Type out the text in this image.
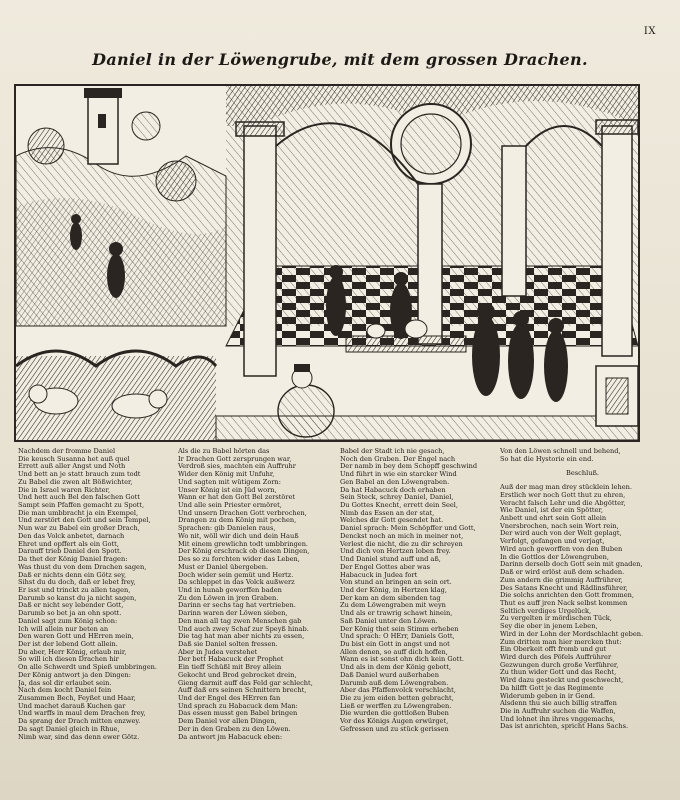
IX
Daniel in der Löwengrube, mit dem grossen Drachen.
Nachdem der fromme Daniel
Die keusch Susanna het auß quel
Errett auß aller Angst und Noth
Und bett an je statt brauch zum todt
Zu Babel die zwen alt Bößwichter,
Die in Israel waren Richter,
Und hett auch Bel den falschen Gott
Sampt sein Pfaffen gemacht zu Spott,
Die man umbbracht ja ein Exempel,
Und zerstört den Gott und sein Tempel,
Nun war zu Babel ein großer Drach,
Den das Volck anbetet, darnach
Ehret und opffert als ein Gott,
Darauff trieb Daniel den Spott.
Da thet der König Daniel fragen:
Was thust du von dem Drachen sagen,
Daß er nichts denn ein Götz sey,
Sihst du du doch, daß er lebet frey,
Er isst und trinckt zu allen tagen,
Darumb so kanst du ja nicht sagen,
Daß er nicht sey lebender Gott,
Darumb so bet ja an ohn spott.
Daniel sagt zum König schon:
Ich will allein nur beten an
Den waren Gott und HErren mein,
Der ist der lebend Gott allein.
Du aber, Herr König, erlaub mir,
So will ich diesen Drachen hir
On alle Schwerdt und Spieß umbbringen.
Der König antwort ja den Dingen:
Ja, das sol dir erlaubet sein.
Nach dem kocht Daniel fein
Zusammen Bech, Feyßet und Haar,
Und machet darauß Kuchen gar
Und warffs in maul dem Drachen frey,
Da sprang der Drach mitten enzwey.
Da sagt Daniel gleich in Rhue,
Nimb war, sind das denn ewer Götz.
Als die zu Babel hörten das
Ir Drachen Gott zersprungen war,
Verdroß sies, machten ein Auffruhr
Wider den König mit Unfuhr,
Und sagten mit wütigem Zorn:
Unser König ist ein Jüd worn,
Wann er hat den Gott Bel zerstöret
Und alle sein Priester ermöret,
Und unsern Drachen Gott verbrochen,
Drangen zu dem König mit pochen,
Sprachen: gib Danielen raus,
Wo nit, wöll wir dich und dein Hauß
Mit einem grewlichn todt umbbringen.
Der König erschrack ob diesen Dingen,
Des so zu forchten wider das Leben,
Must er Daniel übergeben.
Doch wider sein gemüt und Hertz.
Da schleppet in das Volck außwerz
Und in hunab geworffen baden
Zu den Löwen in jren Graben.
Darinn er sechs tag hat vertrieben.
Darinn waren der Löwen sieben,
Den man all tag zwen Menschen gab
Und auch zwey Schaf zur Speyß hinab.
Die tag hat man aber nichts zu essen,
Daß sie Daniel solten fressen.
Aber in Judea verstehet
Der bett Habacuck der Prophet
Ein tieff Schüßl mit Brey allein
Gekocht und Brod gebrocket drein,
Gieng darmit auff das Feld gar schlecht,
Auff daß ers seinen Schnittern brecht,
Und der Engel des HErren fan
Und sprach zu Habacuck dem Man:
Das essen musst gen Babel bringen
Dem Daniel vor allen Dingen,
Der in den Graben zu den Löwen.
Da antwort jm Habacuck eben:
Babel der Stadt ich nie gesach,
Noch den Graben. Der Engel nach
Der namb in bey dem Schopff geschwind
Und führt in wie ein starcker Wind
Gen Babel an den Löwengraben.
Da hat Habacuck doch erhaben
Sein Steck, schrey Daniel, Daniel,
Du Gottes Knecht, errett dein Seel,
Nimb das Essen an der stat,
Welches dir Gott gesendet hat.
Daniel sprach: Mein Schöpffer und Gott,
Denckst noch an mich in meiner not,
Verlest die nicht, die zu dir schreyen
Und dich von Hertzen loben frey.
Und Daniel stund auff und aß,
Der Engel Gottes aber was
Habacuck in Judea fort
Von stund an bringen an sein ort.
Und der König, in Hertzen klag,
Der kam an dem sibenden tag
Zu dem Löwengraben mit weyn
Und als er trawrig schawt hinein,
Saß Daniel unter den Löwen.
Der König thet sein Stimm erheben
Und sprach: O HErr, Daniels Gott,
Du bist ein Gott in angst und not
Allen denen, so auff dich hoffen,
Wann es ist sonst ohn dich kein Gott.
Und als in dem der König gebott,
Daß Daniel wurd außerhaben
Darumb auß dem Löwengraben.
Aber das Pfaffenvolck verschlacht,
Die zu jem eiden betten gebracht,
Ließ er werffen zu Löwengraben.
Die wurden die gottloßen Buben
Vor des Königs Augen erwürget,
Gefressen und zu stück gerissen
Von den Löwen schnell und behend,
So hat die Hystorie ein end.
Beschluß.
Auß der mag man drey stücklein lehen.
Erstlich wer noch Gott thut zu ehren,
Veracht falsch Lehr und die Abgötter,
Wie Daniel, ist der ein Spötter,
Anbett und ehrt sein Gott allein
Vnersbrochen, nach sein Wort rein,
Der wird auch von der Welt geplagt,
Verfolgt, gefangen und verjagt,
Wird auch geworffen von den Buben
In die Gottlos der Löwengruben,
Darinn derselb doch Gott sein mit gnaden,
Daß er wird erlöst auß dem schaden.
Zum andern die grimmig Auffrührer,
Des Satans Knecht und Rädlinsführer,
Die solchs anrichten den Gott frommen,
Thut es auff jren Nack selbst kommen
Seltlich verdiges Urgelück,
Zu vergelten ir mördischen Tück,
Sey die ober in jenem Leben,
Wird in der Lohn der Mordschlacht geben.
Zum dritten man hier mercken thut:
Ein Oberkeit offt fromb und gut
Wird durch des Pöfels Auffrührer
Gezwungen durch große Verführer,
Zu thun wider Gott und das Recht,
Wird dazu gesteckt und geschwecht,
Da hilfft Gott je das Regimente
Widerumb geben in ir Gend.
Alsdenn thu sie auch billig straffen
Die in Auffruhr suchen die Waffen,
Und lohnet ihn ihres vnggemachs,
Das ist anrichten, spricht Hans Sachs.
